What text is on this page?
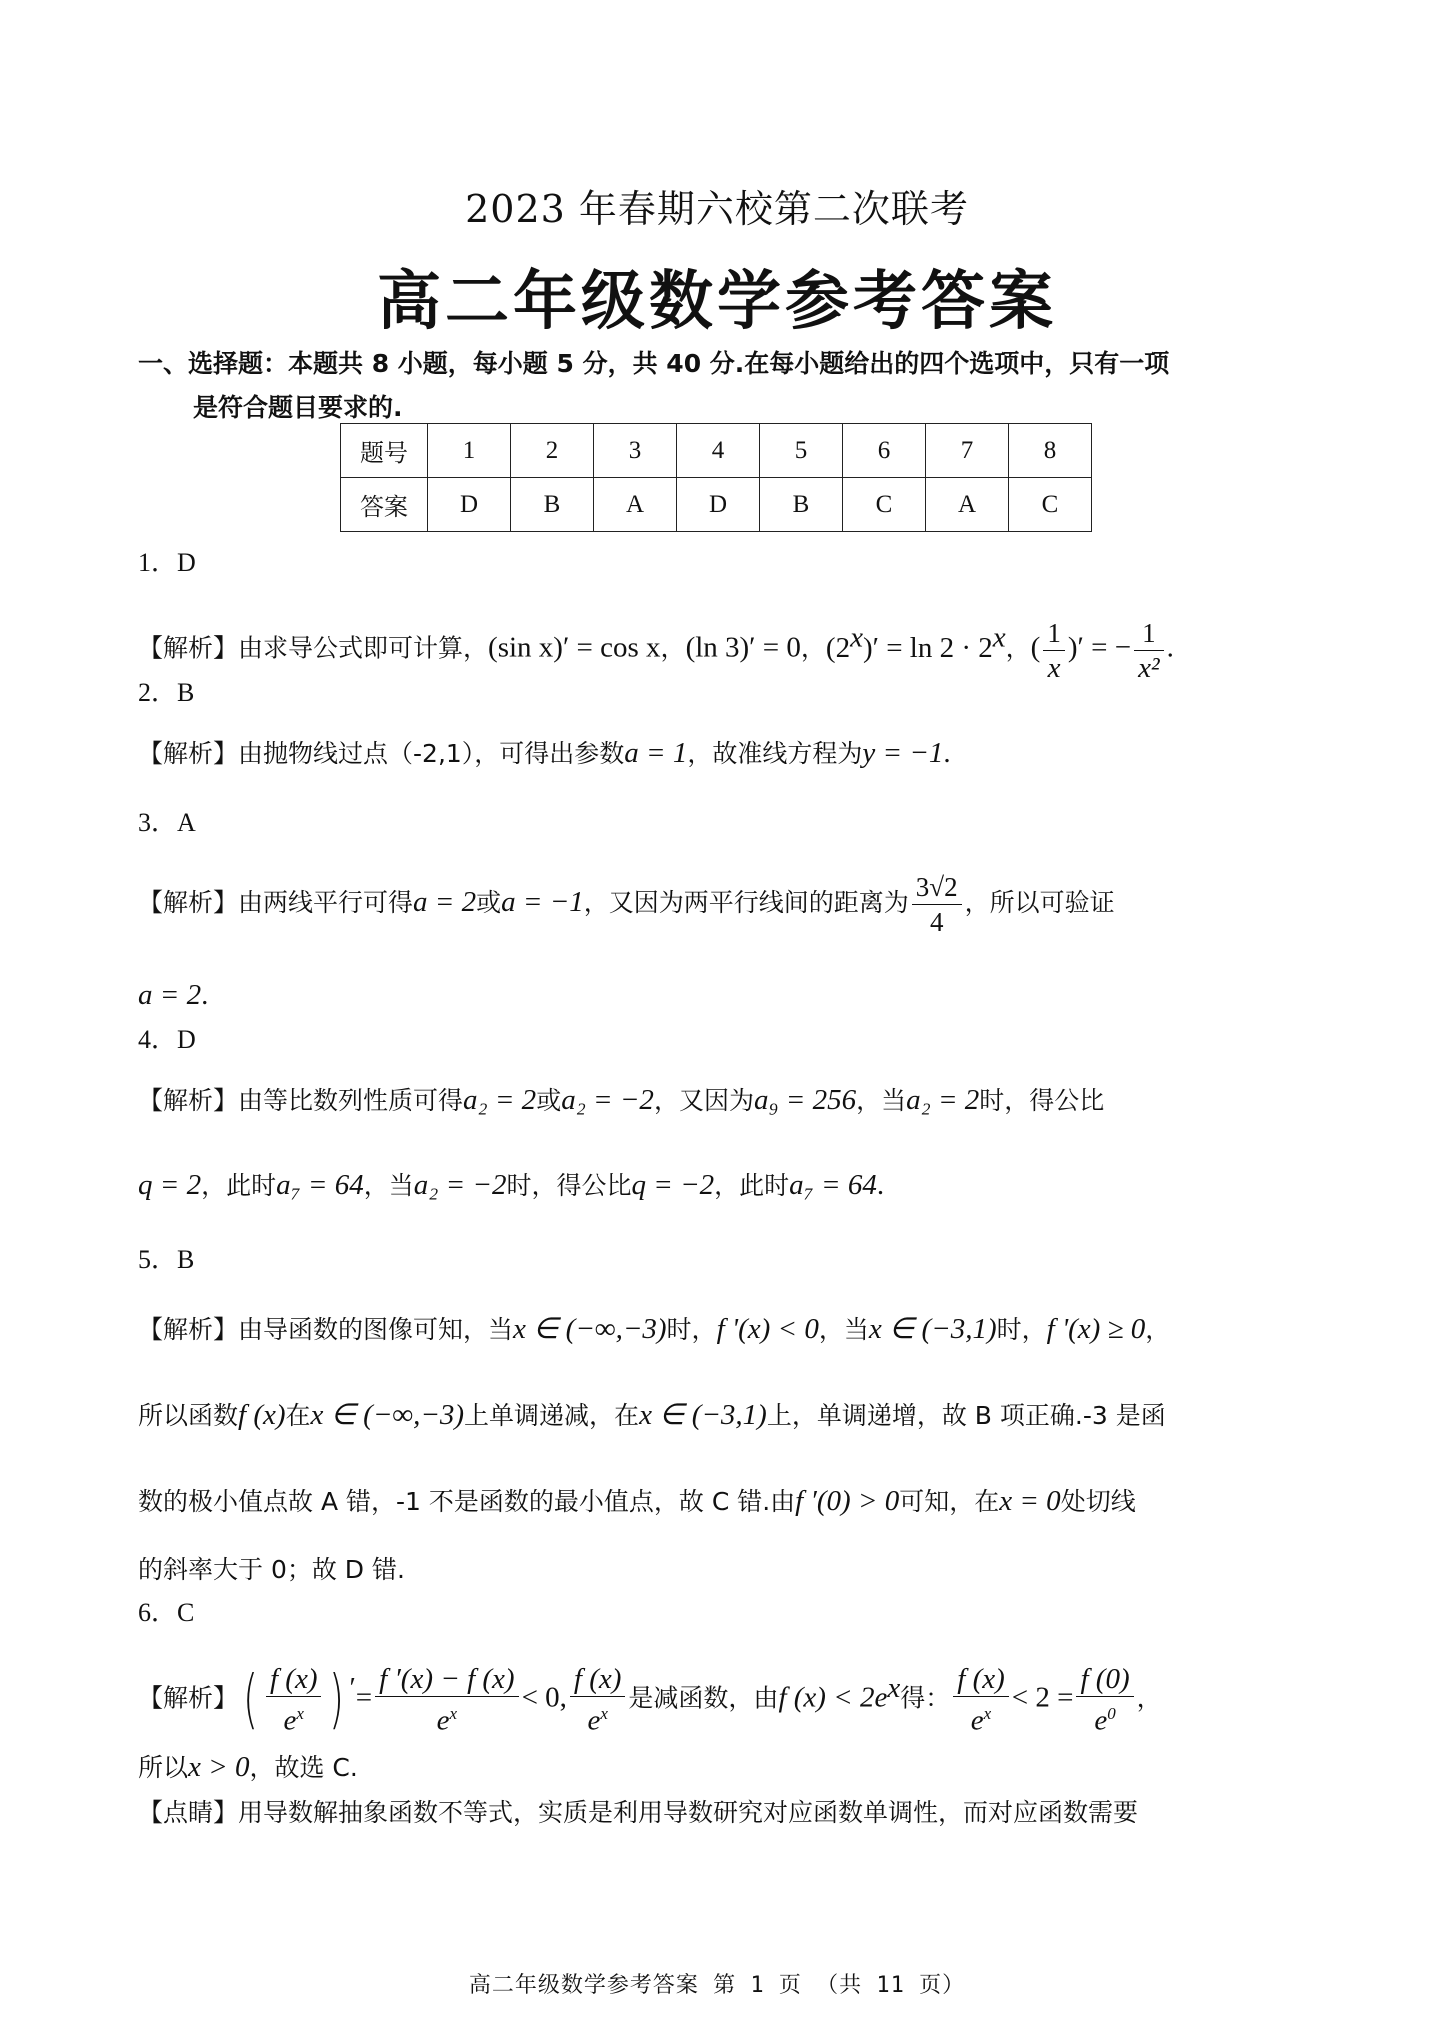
2023 年春期六校第二次联考
高二年级数学参考答案
一、选择题：本题共 8 小题，每小题 5 分，共 40 分.在每小题给出的四个选项中，只有一项
是符合题目要求的.
题号	1	2	3	4	5	6	7	8
答案	D	B	A	D	B	C	A	C
1．D
【解析】由求导公式即可计算，(sin x)′ = cos x，(ln 3)′ = 0，$(2^x)' = \ln 2 \cdot 2^x$，( $\frac{1}{x}$ )′ = − $\frac{1}{\text{x²}}$ .
2．B
【解析】由抛物线过点（-2,1），可得出参数a = 1，故准线方程为y = −1.
3．A
【解析】由两线平行可得a = 2或a = −1，又因为两平行线间的距离为 $\frac{3√2}{4}$ ，所以可验证
a = 2.
4．D
【解析】由等比数列性质可得a₂ = 2或a₂ = −2，又因为a₉ = 256，当a₂ = 2时，得公比
q = 2，此时a₇ = 64，当a₂ = −2时，得公比q = −2，此时a₇ = 64.
5．B
【解析】由导函数的图像可知，当x ∈ (−∞,−3)时，f '(x) < 0，当x ∈ (−3,1)时，f '(x) ≥ 0，
所以函数f (x)在x ∈ (−∞,−3)上单调递减，在x ∈ (−3,1)上，单调递增，故 B 项正确.-3 是函
数的极小值点故 A 错，-1 不是函数的最小值点，故 C 错.由f ′(0) > 0可知，在x = 0处切线
的斜率大于 0；故 D 错.
6．C
【解析】( $\frac{f (x)}{e^x}$ ) $'= \frac{f '(x) - f (x)}{e^x} < 0$, $\frac{f (x)}{e^x}$ 是减函数，由f $(x) < 2e^x$得： $\frac{f (x)}{e^x} < 2 = \frac{f (0)}{e^0}$ ，
所以x > 0，故选 C.
【点睛】用导数解抽象函数不等式，实质是利用导数研究对应函数单调性，而对应函数需要
高二年级数学参考答案 第 1 页 （共 11 页）
